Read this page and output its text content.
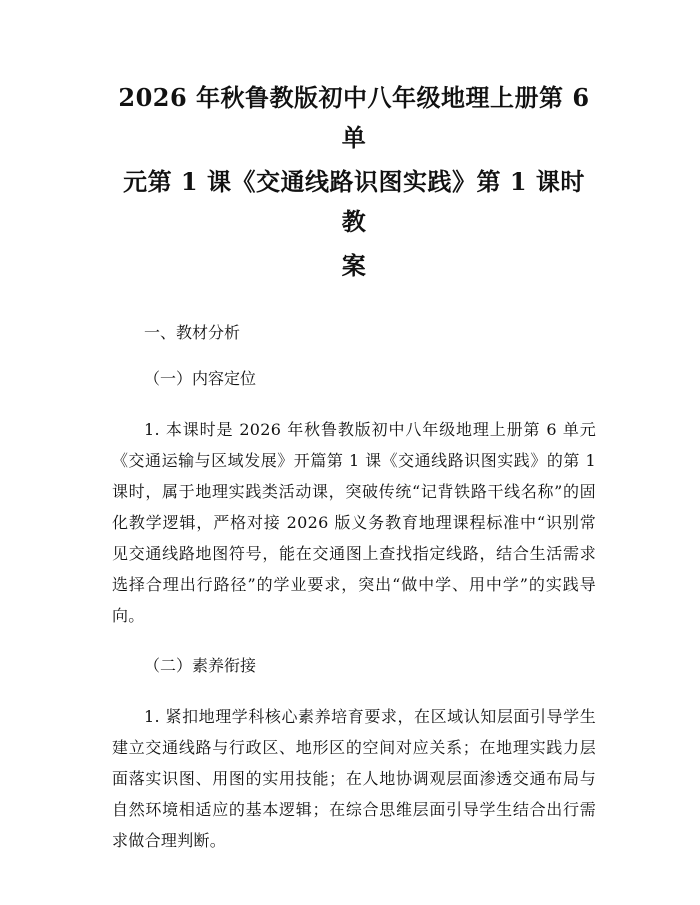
2026 年秋鲁教版初中八年级地理上册第 6 单
元第 1 课《交通线路识图实践》第 1 课时教
案
一、教材分析
（一）内容定位

1. 本课时是 2026 年秋鲁教版初中八年级地理上册第 6 单元《交通运输与区域发展》开篇第 1 课《交通线路识图实践》的第 1 课时，属于地理实践类活动课，突破传统“记背铁路干线名称”的固化教学逻辑，严格对接 2026 版义务教育地理课程标准中“识别常见交通线路地图符号，能在交通图上查找指定线路，结合生活需求选择合理出行路径”的学业要求，突出“做中学、用中学”的实践导向。

（二）素养衔接

1. 紧扣地理学科核心素养培育要求，在区域认知层面引导学生建立交通线路与行政区、地形区的空间对应关系；在地理实践力层面落实识图、用图的实用技能；在人地协调观层面渗透交通布局与自然环境相适应的基本逻辑；在综合思维层面引导学生结合出行需求做合理判断。
